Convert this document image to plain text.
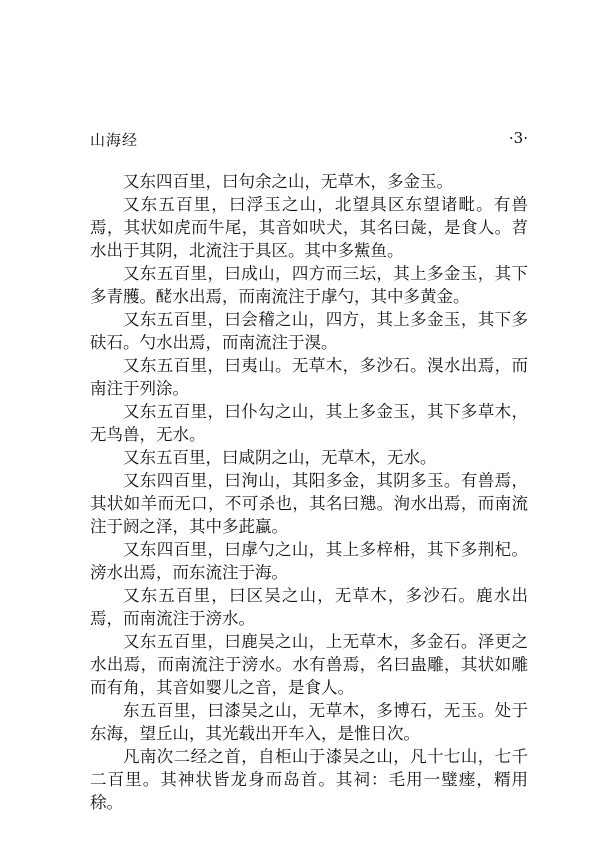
山海经	·3·

又东四百里，曰句余之山，无草木，多金玉。

又东五百里，曰浮玉之山，北望具区东望诸毗。有兽焉，其状如虎而牛尾，其音如吠犬，其名曰彘，是食人。苕水出于其阴，北流注于具区。其中多鮆鱼。

又东五百里，曰成山，四方而三坛，其上多金玉，其下多青雘。𨠬水出焉，而南流注于虖勺，其中多黄金。

又东五百里，曰会稽之山，四方，其上多金玉，其下多砆石。勺水出焉，而南流注于湨。

又东五百里，曰夷山。无草木，多沙石。湨水出焉，而南注于列涂。

又东五百里，曰仆勾之山，其上多金玉，其下多草木，无鸟兽，无水。

又东五百里，曰咸阴之山，无草木，无水。

又东四百里，曰洵山，其阳多金，其阴多玉。有兽焉，其状如羊而无口，不可杀也，其名曰䍺。洵水出焉，而南流注于阏之泽，其中多茈蠃。

又东四百里，曰虖勺之山，其上多梓枏，其下多荆杞。滂水出焉，而东流注于海。

又东五百里，曰区吴之山，无草木，多沙石。鹿水出焉，而南流注于滂水。

又东五百里，曰鹿吴之山，上无草木，多金石。泽更之水出焉，而南流注于滂水。水有兽焉，名曰蛊雕，其状如雕而有角，其音如婴儿之音，是食人。

东五百里，曰漆吴之山，无草木，多博石，无玉。处于东海，望丘山，其光载出开车入，是惟日次。

凡南次二经之首，自柜山于漆吴之山，凡十七山，七千二百里。其神状皆龙身而岛首。其祠：毛用一璧瘗，糈用稌。
